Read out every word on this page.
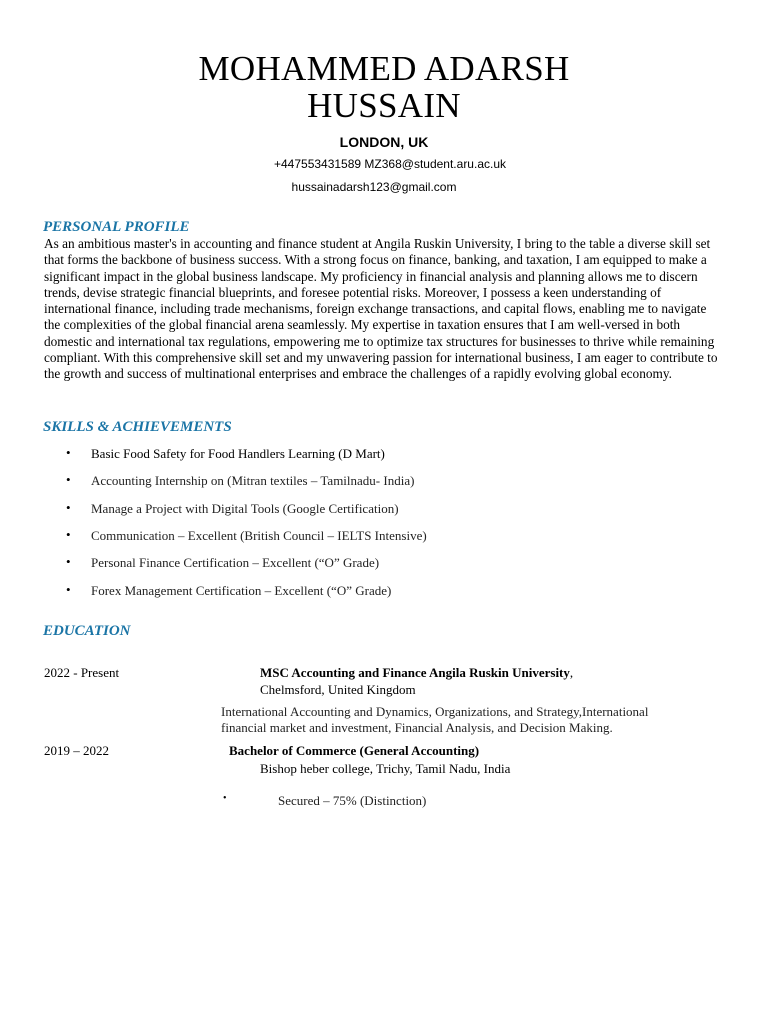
MOHAMMED ADARSH
HUSSAIN
LONDON, UK
+447553431589 MZ368@student.aru.ac.uk
hussainadarsh123@gmail.com
PERSONAL PROFILE
As an ambitious master's in accounting and finance student at Angila Ruskin University, I bring to the table a diverse skill set that forms the backbone of business success. With a strong focus on finance, banking, and taxation, I am equipped to make a significant impact in the global business landscape. My proficiency in financial analysis and planning allows me to discern trends, devise strategic financial blueprints, and foresee potential risks. Moreover, I possess a keen understanding of international finance, including trade mechanisms, foreign exchange transactions, and capital flows, enabling me to navigate the complexities of the global financial arena seamlessly. My expertise in taxation ensures that I am well-versed in both domestic and international tax regulations, empowering me to optimize tax structures for businesses to thrive while remaining compliant. With this comprehensive skill set and my unwavering passion for international business, I am eager to contribute to the growth and success of multinational enterprises and embrace the challenges of a rapidly evolving global economy.
SKILLS & ACHIEVEMENTS
• Basic Food Safety for Food Handlers Learning (D Mart)
• Accounting Internship on (Mitran textiles – Tamilnadu- India)
• Manage a Project with Digital Tools (Google Certification)
• Communication – Excellent (British Council – IELTS Intensive)
• Personal Finance Certification – Excellent (“O” Grade)
• Forex Management Certification – Excellent (“O” Grade)
EDUCATION
2022 - Present	MSC Accounting and Finance Angila Ruskin University,
Chelmsford, United Kingdom
International Accounting and Dynamics, Organizations, and Strategy,International
financial market and investment, Financial Analysis, and Decision Making.
2019 – 2022	Bachelor of Commerce (General Accounting)
Bishop heber college, Trichy, Tamil Nadu, India
•	Secured – 75% (Distinction)
